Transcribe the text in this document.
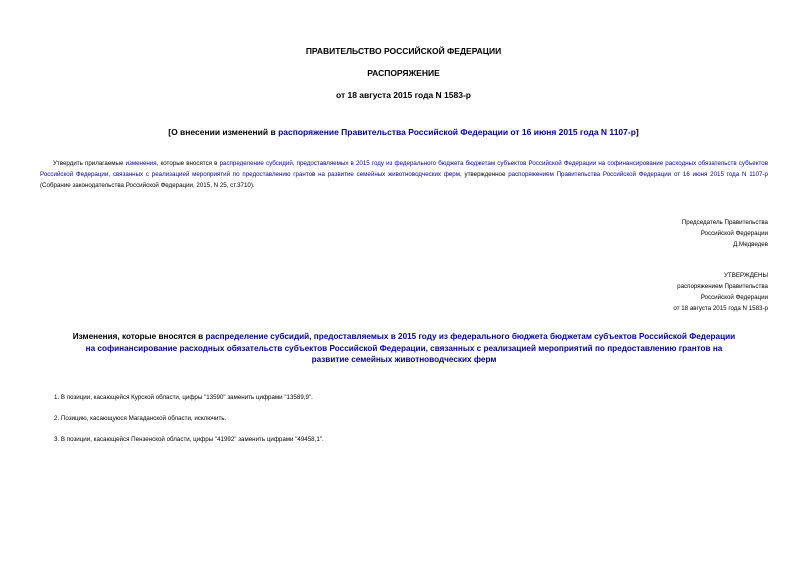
ПРАВИТЕЛЬСТВО РОССИЙСКОЙ ФЕДЕРАЦИИ
РАСПОРЯЖЕНИЕ
от 18 августа 2015 года N 1583-р
[О внесении изменений в распоряжение Правительства Российской Федерации от 16 июня 2015 года N 1107-р]
Утвердить прилагаемые изменения, которые вносятся в распределение субсидий, предоставляемых в 2015 году из федерального бюджета бюджетам субъектов Российской Федерации на софинансирование расходных обязательств субъектов Российской Федерации, связанных с реализацией мероприятий по предоставлению грантов на развитие семейных животноводческих ферм, утвержденное распоряжением Правительства Российской Федерации от 16 июня 2015 года N 1107-р (Собрание законодательства Российской Федерации, 2015, N 25, ст.3710).
Председатель Правительства
Российской Федерации
Д.Медведев
УТВЕРЖДЕНЫ
распоряжением Правительства
Российской Федерации
от 18 августа 2015 года N 1583-р
Изменения, которые вносятся в распределение субсидий, предоставляемых в 2015 году из федерального бюджета бюджетам субъектов Российской Федерации
на софинансирование расходных обязательств субъектов Российской Федерации, связанных с реализацией мероприятий по предоставлению грантов на
развитие семейных животноводческих ферм
1. В позиции, касающейся Курской области, цифры "13590" заменить цифрами "13589,9".
2. Позицию, касающуюся Магаданской области, исключить.
3. В позиции, касающейся Пензенской области, цифры "41992" заменить цифрами "49458,1".
